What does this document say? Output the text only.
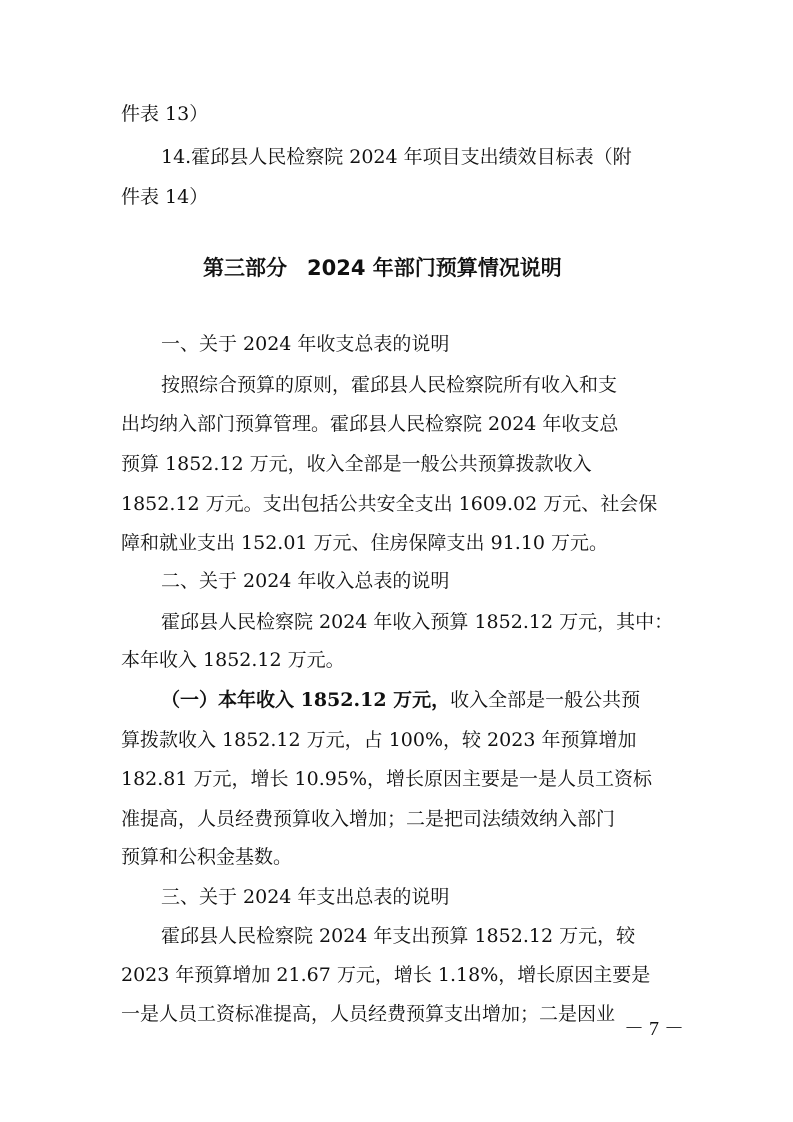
件表 13）
14.霍邱县人民检察院 2024 年项目支出绩效目标表（附
件表 14）
第三部分 2024 年部门预算情况说明
一、关于 2024 年收支总表的说明
按照综合预算的原则，霍邱县人民检察院所有收入和支
出均纳入部门预算管理。霍邱县人民检察院 2024 年收支总
预算 1852.12 万元，收入全部是一般公共预算拨款收入
1852.12 万元。支出包括公共安全支出 1609.02 万元、社会保
障和就业支出 152.01 万元、住房保障支出 91.10 万元。
二、关于 2024 年收入总表的说明
霍邱县人民检察院 2024 年收入预算 1852.12 万元，其中：
本年收入 1852.12 万元。
（一）本年收入 1852.12 万元，收入全部是一般公共预
算拨款收入 1852.12 万元，占 100%，较 2023 年预算增加
182.81 万元，增长 10.95%，增长原因主要是一是人员工资标
准提高，人员经费预算收入增加；二是把司法绩效纳入部门
预算和公积金基数。
三、关于 2024 年支出总表的说明
霍邱县人民检察院 2024 年支出预算 1852.12 万元，较
2023 年预算增加 21.67 万元，增长 1.18%，增长原因主要是
一是人员工资标准提高，人员经费预算支出增加；二是因业
－ 7 －
